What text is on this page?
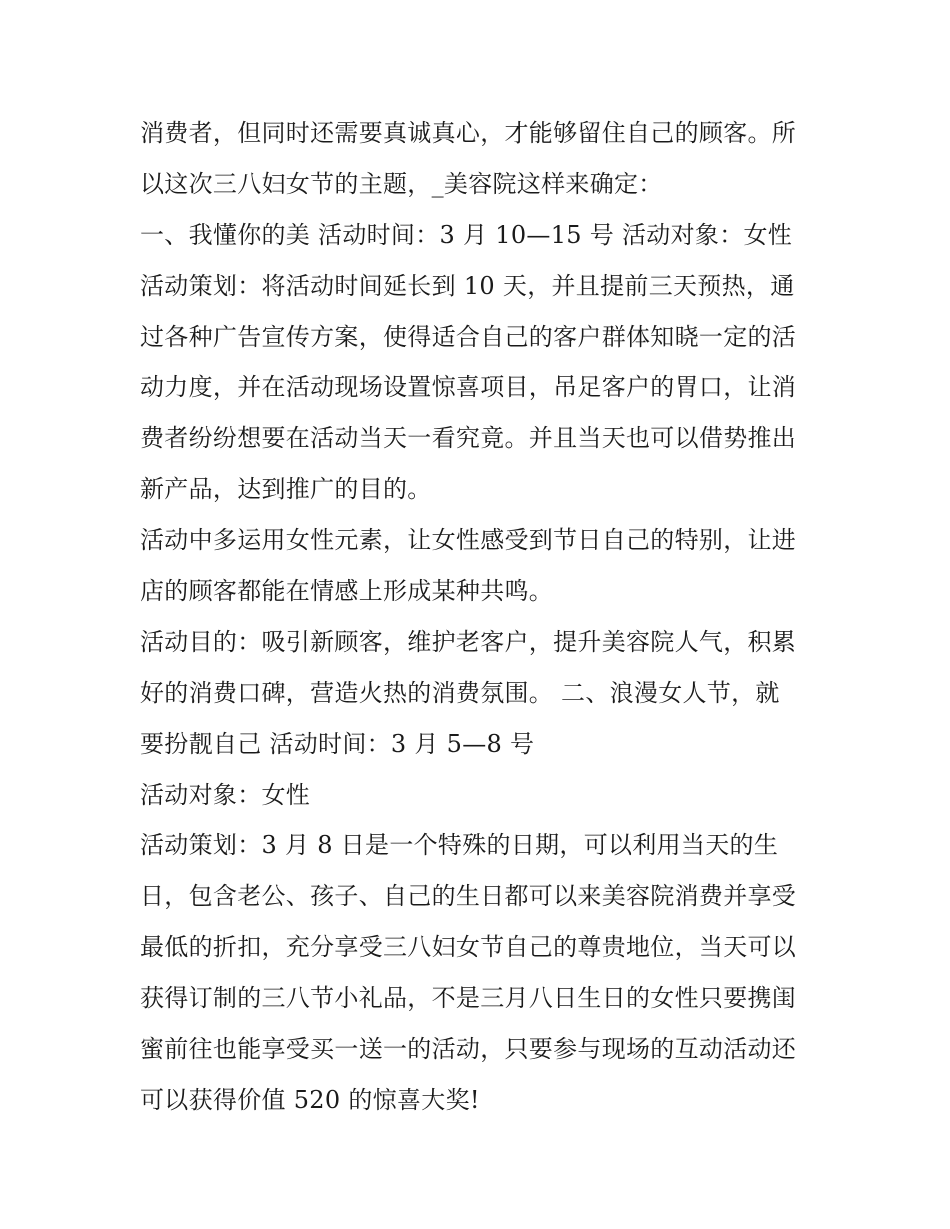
消费者，但同时还需要真诚真心，才能够留住自己的顾客。所
以这次三八妇女节的主题，_美容院这样来确定：
一、我懂你的美 活动时间：3 月 10—15 号 活动对象：女性
活动策划：将活动时间延长到 10 天，并且提前三天预热，通
过各种广告宣传方案，使得适合自己的客户群体知晓一定的活
动力度，并在活动现场设置惊喜项目，吊足客户的胃口，让消
费者纷纷想要在活动当天一看究竟。并且当天也可以借势推出
新产品，达到推广的目的。
活动中多运用女性元素，让女性感受到节日自己的特别，让进
店的顾客都能在情感上形成某种共鸣。
活动目的：吸引新顾客，维护老客户，提升美容院人气，积累
好的消费口碑，营造火热的消费氛围。 二、浪漫女人节，就
要扮靓自己 活动时间：3 月 5—8 号
活动对象：女性
活动策划：3 月 8 日是一个特殊的日期，可以利用当天的生
日，包含老公、孩子、自己的生日都可以来美容院消费并享受
最低的折扣，充分享受三八妇女节自己的尊贵地位，当天可以
获得订制的三八节小礼品，不是三月八日生日的女性只要携闺
蜜前往也能享受买一送一的活动，只要参与现场的互动活动还
可以获得价值 520 的惊喜大奖!
